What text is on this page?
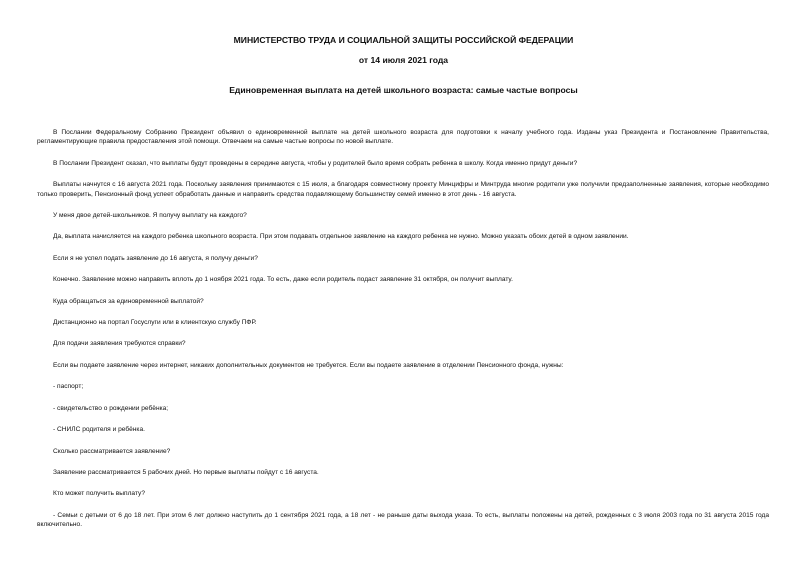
МИНИСТЕРСТВО ТРУДА И СОЦИАЛЬНОЙ ЗАЩИТЫ РОССИЙСКОЙ ФЕДЕРАЦИИ
от 14 июля 2021 года
Единовременная выплата на детей школьного возраста: самые частые вопросы

В Послании Федеральному Собранию Президент объявил о единовременной выплате на детей школьного возраста для подготовки к началу учебного года. Изданы указ Президента и Постановление Правительства, регламентирующие правила предоставления этой помощи. Отвечаем на самые частые вопросы по новой выплате.

В Послании Президент сказал, что выплаты будут проведены в середине августа, чтобы у родителей было время собрать ребенка в школу. Когда именно придут деньги?

Выплаты начнутся с 16 августа 2021 года. Поскольку заявления принимаются с 15 июля, а благодаря совместному проекту Минцифры и Минтруда многие родители уже получили предзаполненные заявления, которые необходимо только проверить, Пенсионный фонд успеет обработать данные и направить средства подавляющему большинству семей именно в этот день - 16 августа.

У меня двое детей-школьников. Я получу выплату на каждого?

Да, выплата начисляется на каждого ребенка школьного возраста. При этом подавать отдельное заявление на каждого ребенка не нужно. Можно указать обоих детей в одном заявлении.

Если я не успел подать заявление до 16 августа, я получу деньги?

Конечно. Заявление можно направить вплоть до 1 ноября 2021 года. То есть, даже если родитель подаст заявление 31 октября, он получит выплату.

Куда обращаться за единовременной выплатой?

Дистанционно на портал Госуслуги или в клиентскую службу ПФР.

Для подачи заявления требуются справки?

Если вы подаете заявление через интернет, никаких дополнительных документов не требуется. Если вы подаете заявление в отделении Пенсионного фонда, нужны:

- паспорт;

- свидетельство о рождении ребёнка;

- СНИЛС родителя и ребёнка.

Сколько рассматривается заявление?

Заявление рассматривается 5 рабочих дней. Но первые выплаты пойдут с 16 августа.

Кто может получить выплату?

- Семьи с детьми от 6 до 18 лет. При этом 6 лет должно наступить до 1 сентября 2021 года, а 18 лет - не раньше даты выхода указа. То есть, выплаты положены на детей, рожденных с 3 июля 2003 года по 31 августа 2015 года включительно.
